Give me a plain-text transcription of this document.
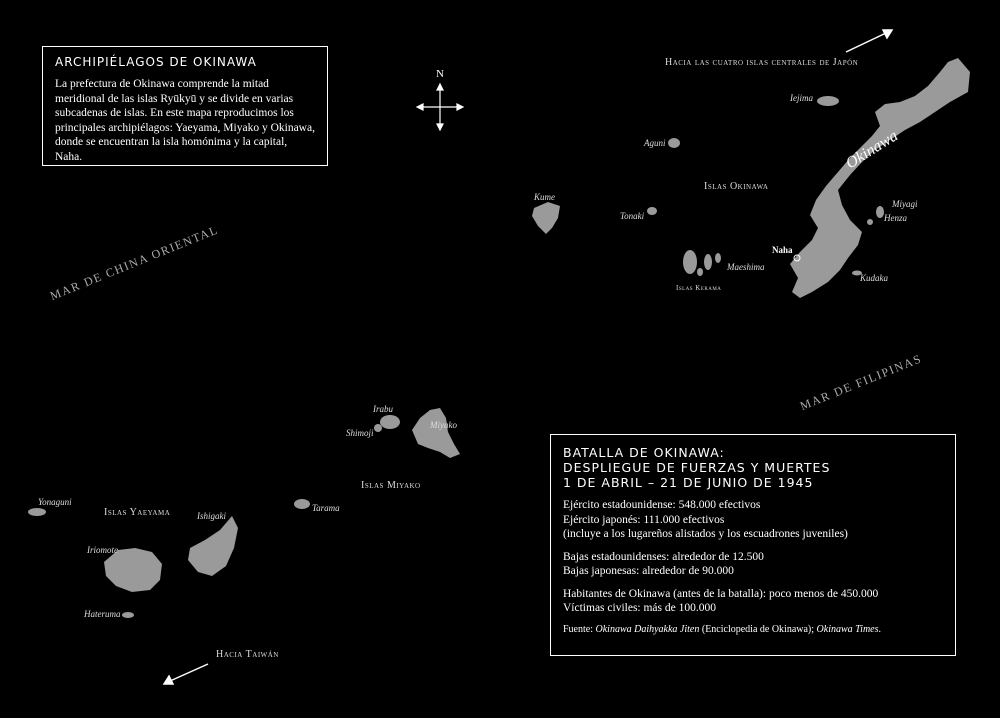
ARCHIPIÉLAGOS DE OKINAWA

La prefectura de Okinawa comprende la mitad meridional de las islas Ryūkyū y se divide en varias subcadenas de islas. En este mapa reproducimos los principales archipiélagos: Yaeyama, Miyako y Okinawa, donde se encuentran la isla homónima y la capital, Naha.

N
Hacia las cuatro islas centrales de Japón
Hacia Taiwán
MAR DE CHINA ORIENTAL
MAR DE FILIPINAS
Islas Okinawa
Islas Kerama
Islas Miyako
Islas Yaeyama
Okinawa
Iejima
Aguni
Kume
Tonaki
Miyagi
Henza
Maeshima
Naha
Kudaka
Irabu
Shimoji
Miyako
Tarama
Yonaguni
Ishigaki
Iriomote
Hateruma
BATALLA DE OKINAWA:
DESPLIEGUE DE FUERZAS Y MUERTES
1 DE ABRIL – 21 DE JUNIO DE 1945
Ejército estadounidense: 548.000 efectivos
Ejército japonés: 111.000 efectivos
(incluye a los lugareños alistados y los escuadrones juveniles)
Bajas estadounidenses: alrededor de 12.500
Bajas japonesas: alrededor de 90.000
Habitantes de Okinawa (antes de la batalla): poco menos de 450.000
Víctimas civiles: más de 100.000
Fuente: Okinawa Daihyakka Jiten (Enciclopedia de Okinawa); Okinawa Times.
